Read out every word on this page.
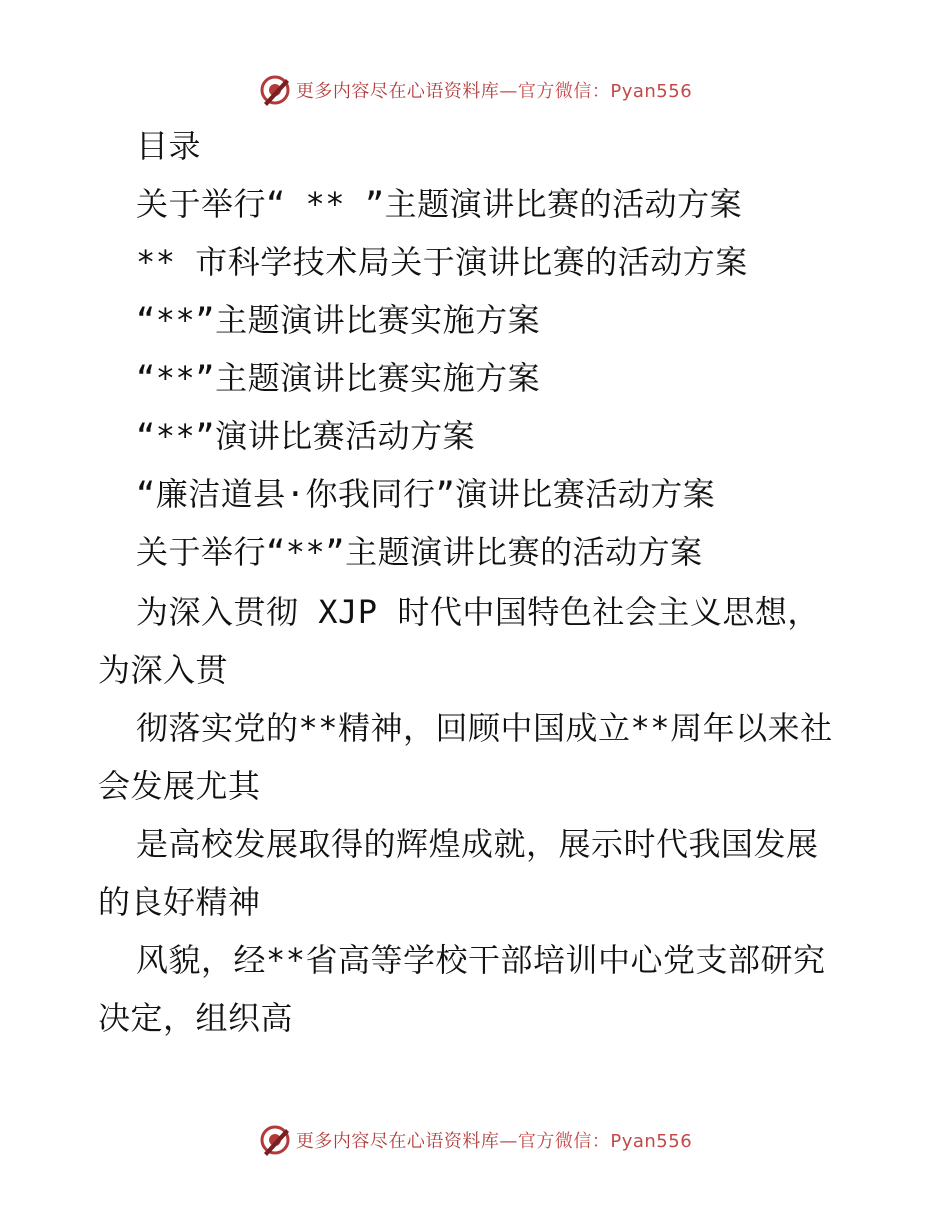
更多内容尽在心语资料库—官方微信：Pyan556
目录
关于举行“ ** ”主题演讲比赛的活动方案
** 市科学技术局关于演讲比赛的活动方案
“**”主题演讲比赛实施方案
“**”主题演讲比赛实施方案
“**”演讲比赛活动方案
“廉洁道县·你我同行”演讲比赛活动方案
关于举行“**”主题演讲比赛的活动方案
为深入贯彻 XJP 时代中国特色社会主义思想，
为深入贯
彻落实党的**精神，回顾中国成立**周年以来社
会发展尤其
是高校发展取得的辉煌成就，展示时代我国发展
的良好精神
风貌，经**省高等学校干部培训中心党支部研究
决定，组织高
更多内容尽在心语资料库—官方微信：Pyan556
